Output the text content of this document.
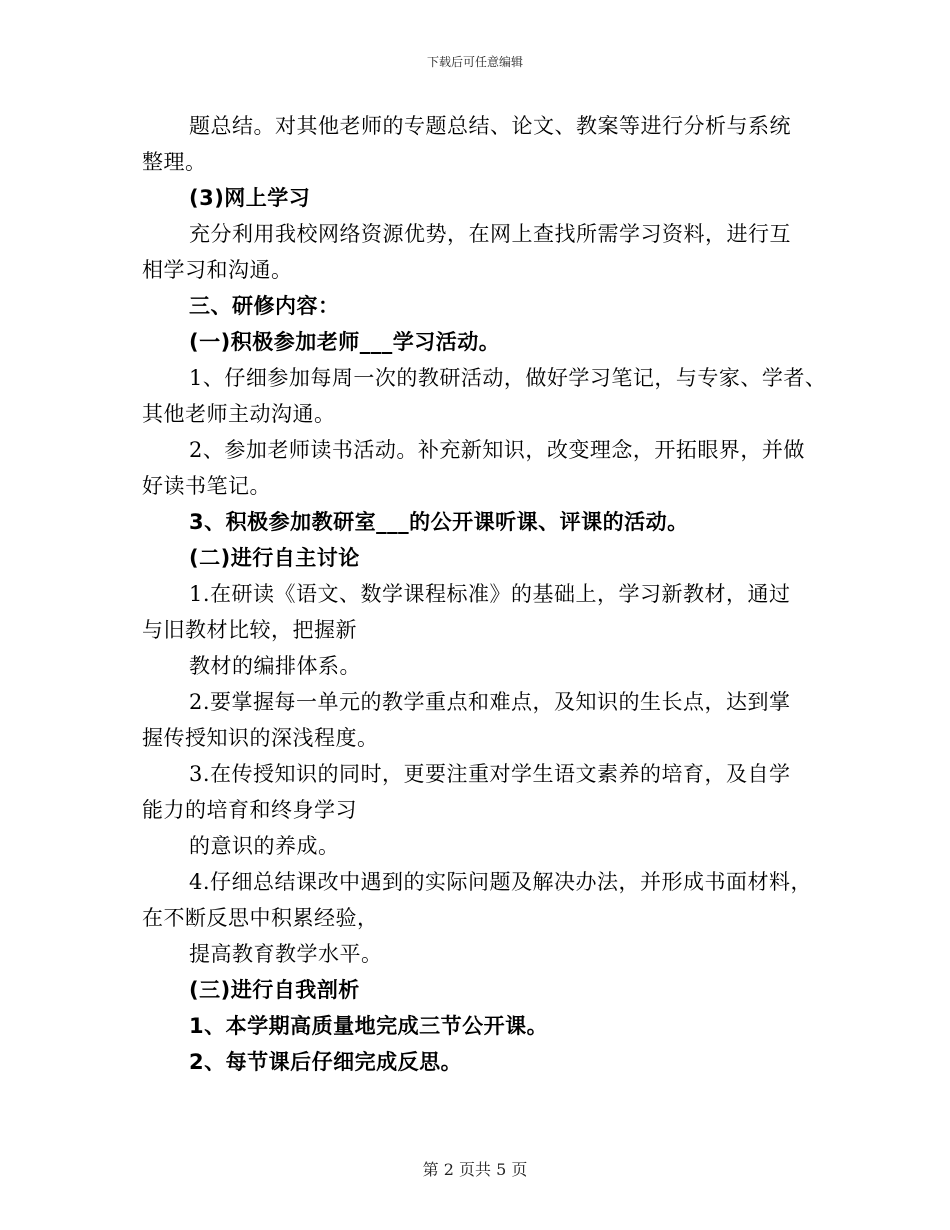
下载后可任意编辑
题总结。对其他老师的专题总结、论文、教案等进行分析与系统
整理。
(3)网上学习
充分利用我校网络资源优势，在网上查找所需学习资料，进行互
相学习和沟通。
三、研修内容：
(一)积极参加老师___学习活动。
1、仔细参加每周一次的教研活动，做好学习笔记，与专家、学者、
其他老师主动沟通。
2、参加老师读书活动。补充新知识，改变理念，开拓眼界，并做
好读书笔记。
3、积极参加教研室___的公开课听课、评课的活动。
(二)进行自主讨论
1.在研读《语文、数学课程标准》的基础上，学习新教材，通过
与旧教材比较，把握新
教材的编排体系。
2.要掌握每一单元的教学重点和难点，及知识的生长点，达到掌
握传授知识的深浅程度。
3.在传授知识的同时，更要注重对学生语文素养的培育，及自学
能力的培育和终身学习
的意识的养成。
4.仔细总结课改中遇到的实际问题及解决办法，并形成书面材料，
在不断反思中积累经验，
提高教育教学水平。
(三)进行自我剖析
1、本学期高质量地完成三节公开课。
2、每节课后仔细完成反思。
第 2 页共 5 页
